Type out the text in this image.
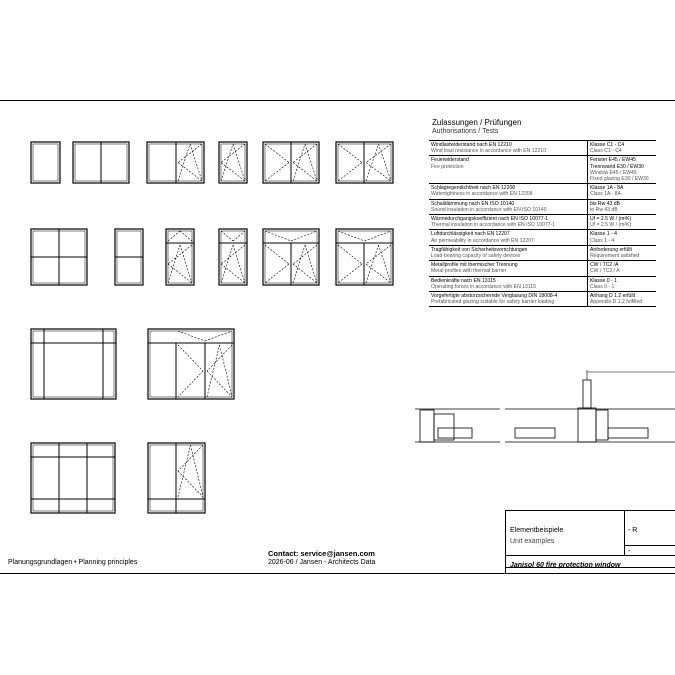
Zulassungen / Prüfungen
Authorisations / Tests
Windlastwiderstand nach EN 12210
Wind load resistance in accordance with EN 12210	Klasse C1 - C4
Class C1 - C4

Feuerwiderstand
Fire protection	Fenster E45 / EW45
Trennwand E30 / EW30
Window E45 / EW45
Fixed glazing E30 / EW30

Schlagregendichtheit nach EN 12208
Watertightness in accordance with EN 12208	Klasse 1A - 8A
Class 1A - 8A

Schalldämmung nach EN ISO 10140
Sound insulation in accordance with EN ISO 10140	bis Rw 43 dB
to Rw 43 dB

Wärmedurchgangskoeffizient nach EN ISO 10077-1
Thermal insulation in accordance with EN ISO 10077-1	Uf = 2.5 W / (m²K)
Uf = 2.5 W / (m²K)

Luftdurchlässigkeit nach EN 12207
Air permeability in accordance with EN 12207	Klasse 1 - 4
Class 1 - 4

Tragfähigkeit von Sicherheitsvorrichtungen
Load-bearing capacity of safety devices	Anforderung erfüllt
Requirement satisfied

Metallprofile mit thermischer Trennung
Metal profiles with thermal barrier	CW / TC2 /A
CW / TC2 / A

Bedienkräfte nach EN 13115
Operating forces in accordance with EN 13115	Klasse 0 - 1
Class 0 - 1

Vorgefertigte absturzsichernde Verglasung DIN 18008-4
Prefabricated glazing suitable for safety barrier loading	Anhang D 1.2 erfüllt
Appendix D.1.2 fulfilled
Planungsgrundlagen • Planning principles
Contact: service@jansen.com
2026-06 / Jansen - Architects Data
Elementbeispiele
Unit examples
- R
-
Janisol 60 fire protection window
